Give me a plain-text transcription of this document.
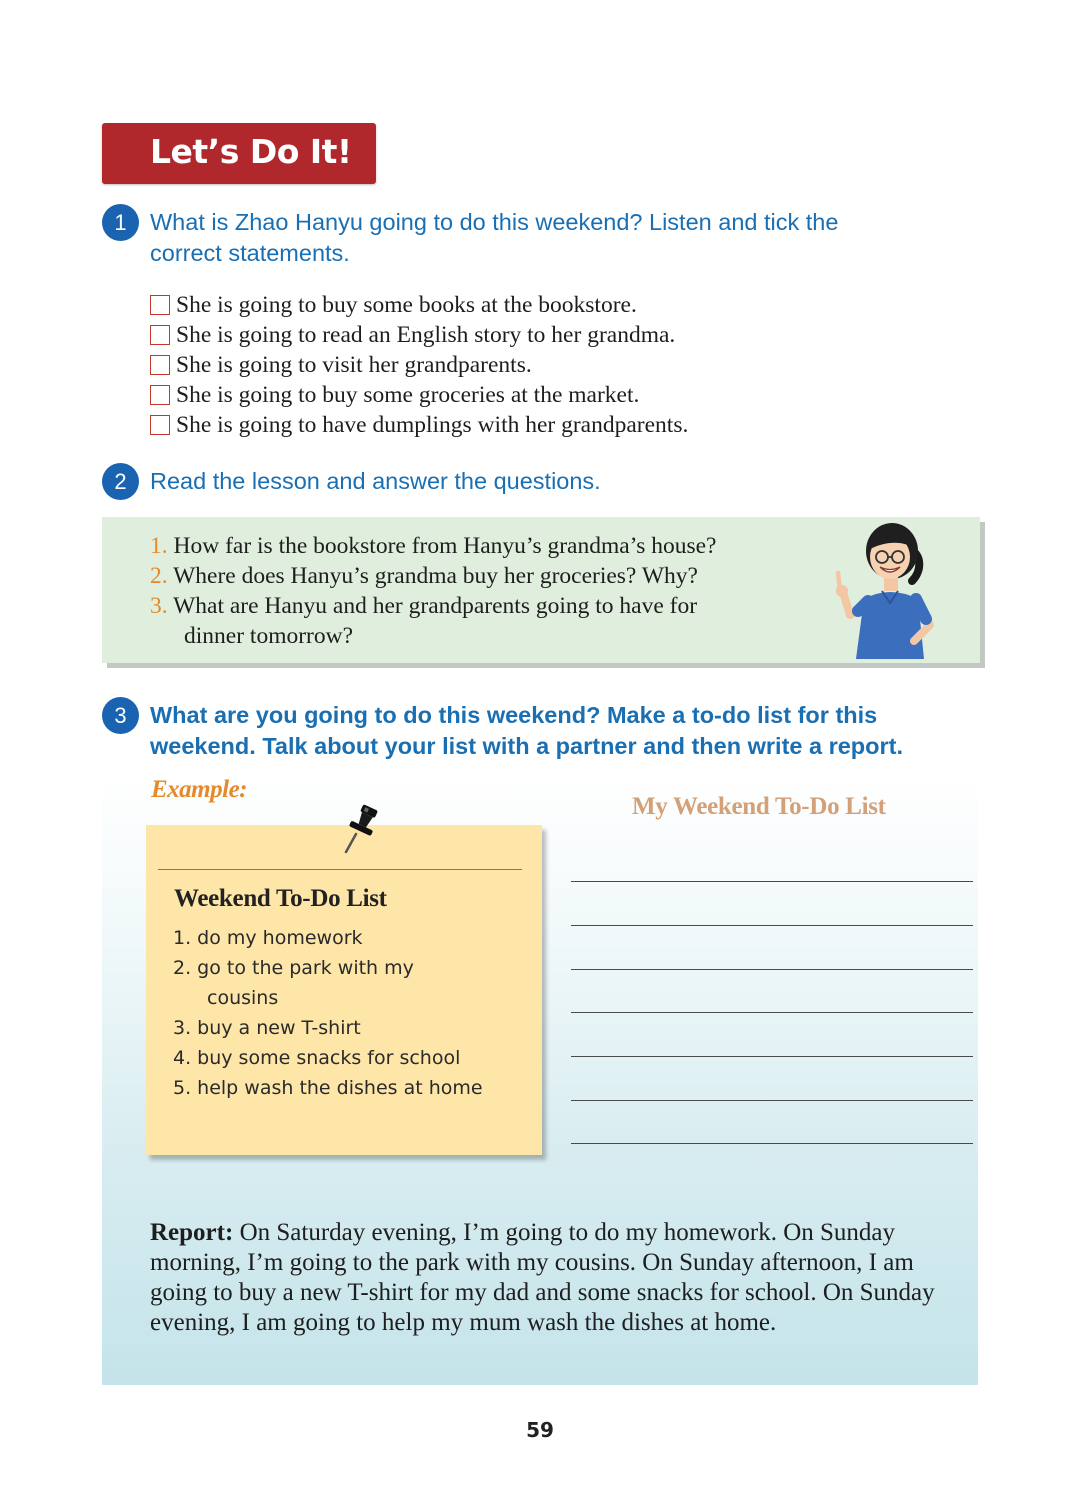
Let’s Do It!
1 What is Zhao Hanyu going to do this weekend? Listen and tick the
correct statements.
She is going to buy some books at the bookstore.
She is going to read an English story to her grandma.
She is going to visit her grandparents.
She is going to buy some groceries at the market.
She is going to have dumplings with her grandparents.
2 Read the lesson and answer the questions.
1. How far is the bookstore from Hanyu’s grandma’s house?
2. Where does Hanyu’s grandma buy her groceries? Why?
3. What are Hanyu and her grandparents going to have for
dinner tomorrow?
3 What are you going to do this weekend? Make a to-do list for this
weekend. Talk about your list with a partner and then write a report.
Example:
Weekend To-Do List
1. do my homework
2. go to the park with my
cousins
3. buy a new T-shirt
4. buy some snacks for school
5. help wash the dishes at home
My Weekend To-Do List
Report: On Saturday evening, I’m going to do my homework. On Sunday morning, I’m going to the park with my cousins. On Sunday afternoon, I am going to buy a new T-shirt for my dad and some snacks for school. On Sunday evening, I am going to help my mum wash the dishes at home.
59
